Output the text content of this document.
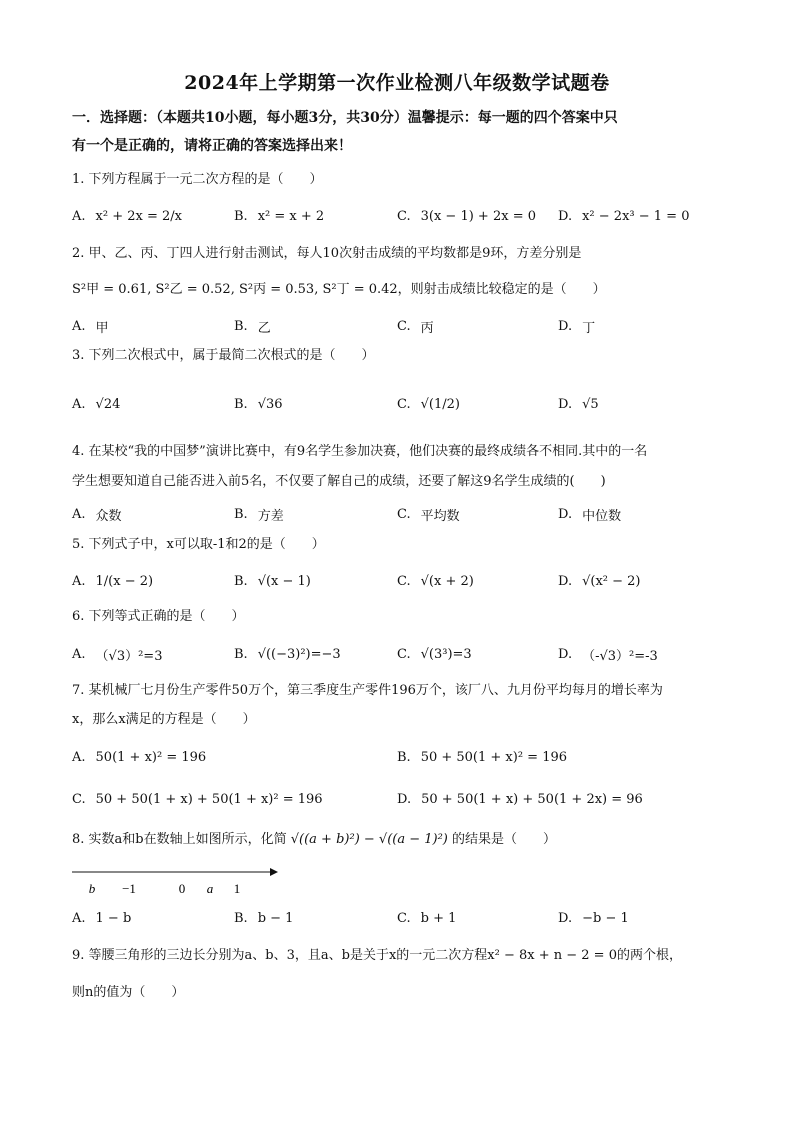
2024年上学期第一次作业检测八年级数学试题卷
一．选择题：（本题共10小题，每小题3分，共30分）温馨提示：每一题的四个答案中只
有一个是正确的，请将正确的答案选择出来！
1. 下列方程属于一元二次方程的是（　　）
A. x² + 2x = 2/x	B. x² = x + 2	C. 3(x − 1) + 2x = 0 D. x² − 2x³ − 1 = 0
2. 甲、乙、丙、丁四人进行射击测试，每人10次射击成绩的平均数都是9环，方差分别是
S²甲 = 0.61, S²乙 = 0.52, S²丙 = 0.53, S²丁 = 0.42，则射击成绩比较稳定的是（　　）
A. 甲	B. 乙	C. 丙	D. 丁
3. 下列二次根式中，属于最简二次根式的是（　　）
A. √24	B. √36	C. √(1/2)	D. √5
4. 在某校“我的中国梦”演讲比赛中，有9名学生参加决赛，他们决赛的最终成绩各不相同.其中的一名
学生想要知道自己能否进入前5名，不仅要了解自己的成绩，还要了解这9名学生成绩的(　　)
A. 众数	B. 方差	C. 平均数	D. 中位数
5. 下列式子中，x可以取-1和2的是（　　）
A. 1/(x − 2)	B. √(x − 1)	C. √(x + 2)	D. √(x² − 2)
6. 下列等式正确的是（　　）
A. （√3）²=3	B. √((−3)²)=−3	C. √(3³)=3	D. （-√3）²=-3
7. 某机械厂七月份生产零件50万个，第三季度生产零件196万个，该厂八、九月份平均每月的增长率为
x，那么x满足的方程是（　　）
A. 50(1 + x)² = 196	B. 50 + 50(1 + x)² = 196
C. 50 + 50(1 + x) + 50(1 + x)² = 196	D. 50 + 50(1 + x) + 50(1 + 2x) = 96
8. 实数a和b在数轴上如图所示，化简 √((a + b)²) − √((a − 1)²) 的结果是（　　）
b −1	0 a 1
A. 1 − b	B. b − 1	C. b + 1	D. −b − 1
9. 等腰三角形的三边长分别为a、b、3，且a、b是关于x的一元二次方程x² − 8x + n − 2 = 0的两个根，
则n的值为（　　）
